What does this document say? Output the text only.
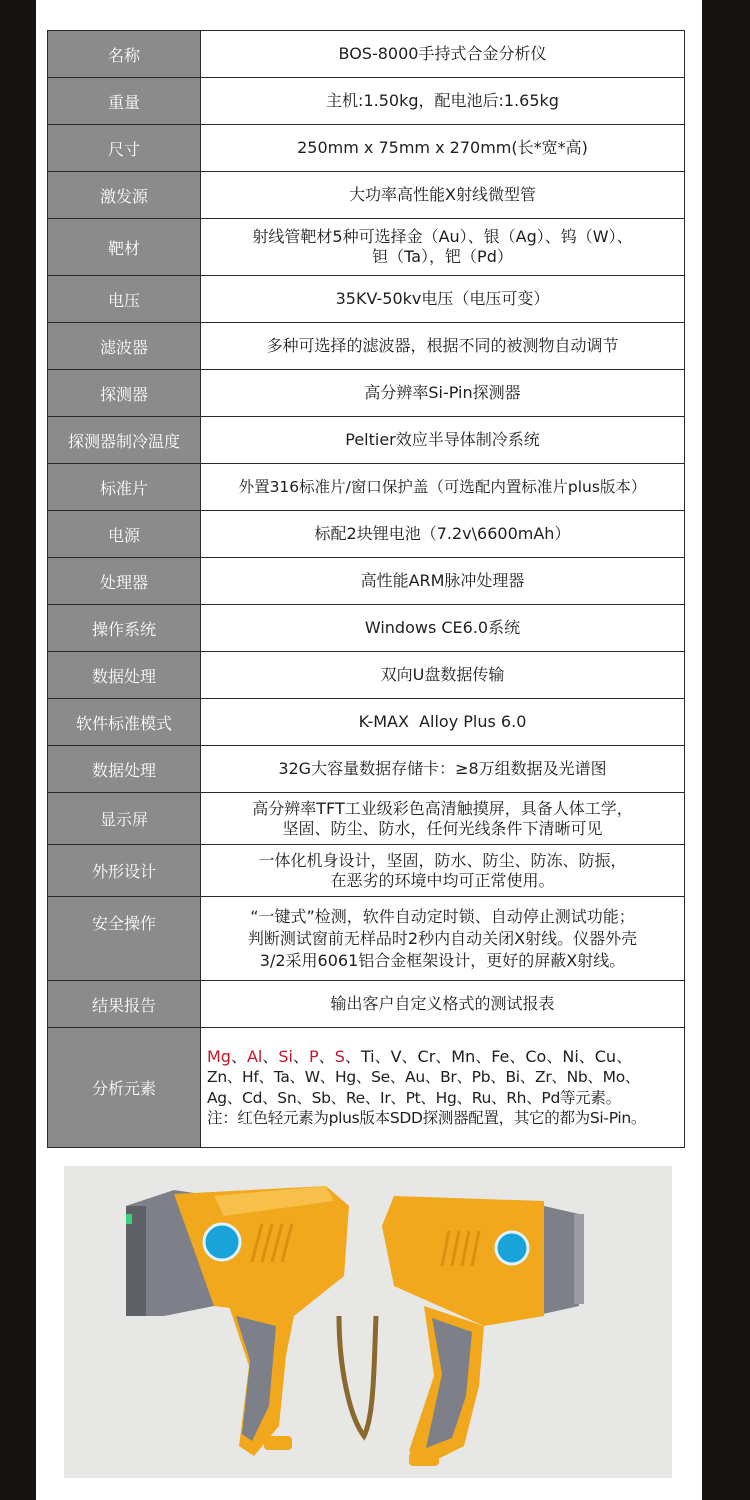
名称	BOS-8000手持式合金分析仪
重量	主机:1.50kg，配电池后:1.65kg
尺寸	250mm x 75mm x 270mm(长*宽*高)
激发源	大功率高性能X射线微型管
靶材	射线管靶材5种可选择金（Au）、银（Ag）、钨（W）、
钽（Ta），钯（Pd）

电压	35KV-50kv电压（电压可变）
滤波器	多种可选择的滤波器，根据不同的被测物自动调节
探测器	高分辨率Si-Pin探测器
探测器制冷温度	Peltier效应半导体制冷系统
标准片	外置316标准片/窗口保护盖（可选配内置标准片plus版本）
电源	标配2块锂电池（7.2v\6600mAh）
处理器	高性能ARM脉冲处理器
操作系统	Windows CE6.0系统
数据处理	双向U盘数据传输
软件标准模式	K-MAX  Alloy Plus 6.0
数据处理	32G大容量数据存储卡：≥8万组数据及光谱图
显示屏	高分辨率TFT工业级彩色高清触摸屏，具备人体工学，
坚固、防尘、防水，任何光线条件下清晰可见

外形设计	一体化机身设计，坚固，防水、防尘、防冻、防振，
在恶劣的环境中均可正常使用。

安全操作	“一键式”检测，软件自动定时锁、自动停止测试功能；
判断测试窗前无样品时2秒内自动关闭X射线。仪器外壳
3/2采用6061铝合金框架设计，更好的屏蔽X射线。

结果报告	输出客户自定义格式的测试报表
分析元素	Mg、Al、Si、P、S、Ti、V、Cr、Mn、Fe、Co、Ni、Cu、
Zn、Hf、Ta、W、Hg、Se、Au、Br、Pb、Bi、Zr、Nb、Mo、
Ag、Cd、Sn、Sb、Re、Ir、Pt、Hg、Ru、Rh、Pd等元素。
注：红色轻元素为plus版本SDD探测器配置，其它的都为Si-Pin。
